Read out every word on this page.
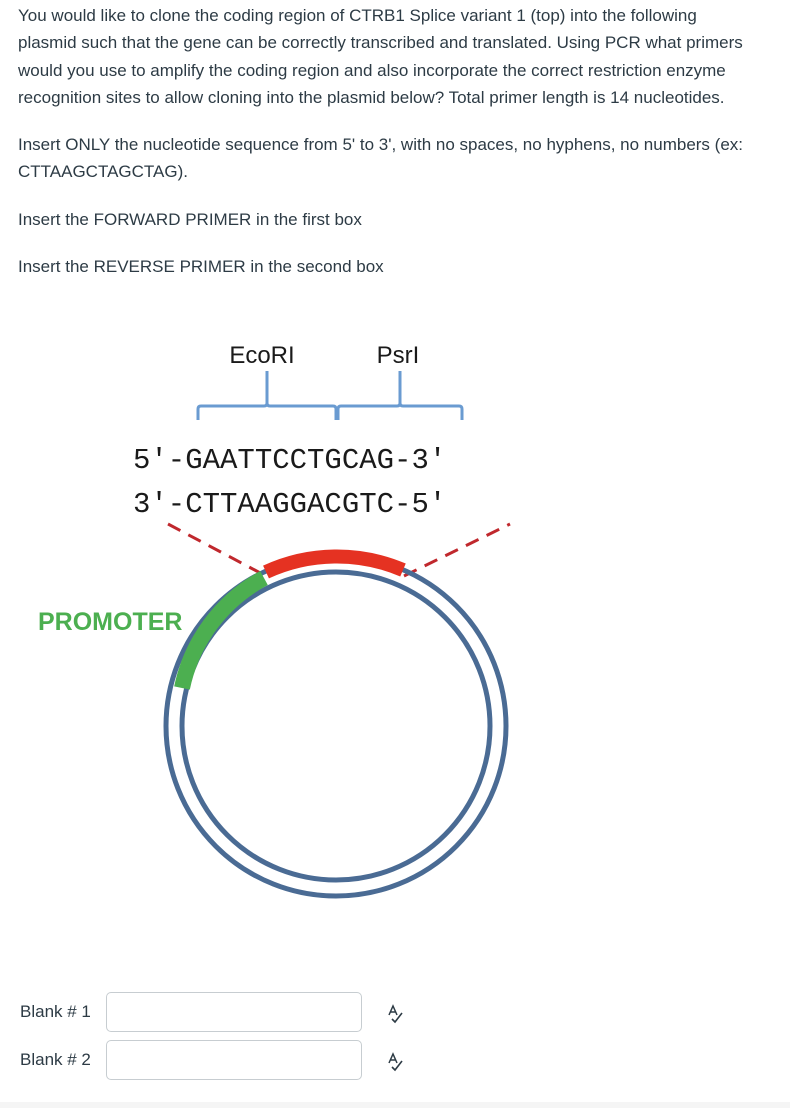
You would like to clone the coding region of CTRB1 Splice variant 1 (top) into the following plasmid such that the gene can be correctly transcribed and translated. Using PCR what primers would you use to amplify the coding region and also incorporate the correct restriction enzyme recognition sites to allow cloning into the plasmid below? Total primer length is 14 nucleotides.

Insert ONLY the nucleotide sequence from 5' to 3', with no spaces, no hyphens, no numbers (ex: CTTAAGCTAGCTAG).

Insert the FORWARD PRIMER in the first box

Insert the REVERSE PRIMER in the second box

EcoRI	PsrI
5′-GAATTCCTGCAG-3′
3′-CTTAAGGACGTC-5′
PROMOTER
Blank # 1
Blank # 2
